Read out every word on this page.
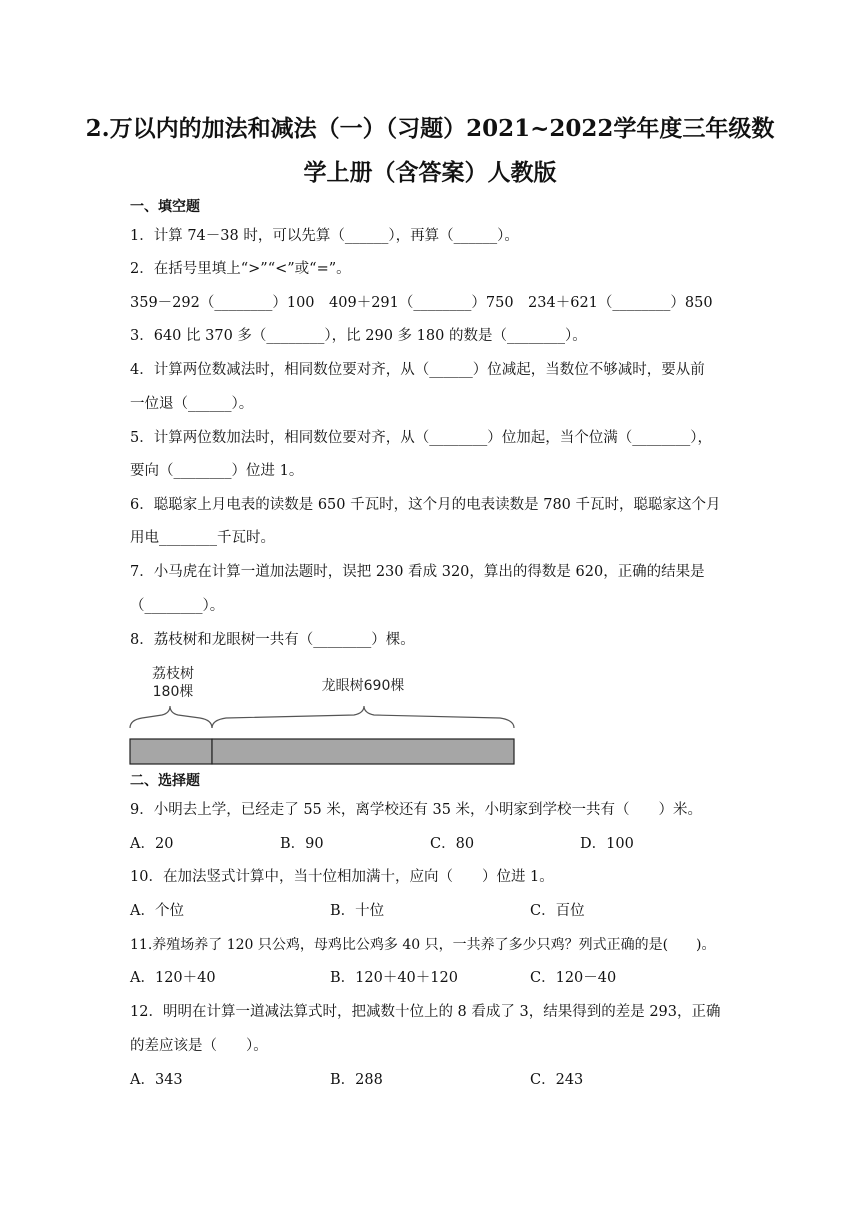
2.万以内的加法和减法（一）（习题）2021~2022学年度三年级数
学上册（含答案）人教版
一、填空题
1．计算 74－38 时，可以先算（______），再算（______）。
2．在括号里填上“>”“<”或“=”。
359－292（________）100　409＋291（________）750　234＋621（________）850
3．640 比 370 多（________），比 290 多 180 的数是（________）。
4．计算两位数减法时，相同数位要对齐，从（______）位减起，当数位不够减时，要从前
一位退（______）。
5．计算两位数加法时，相同数位要对齐，从（________）位加起，当个位满（________），
要向（________）位进 1。
6．聪聪家上月电表的读数是 650 千瓦时，这个月的电表读数是 780 千瓦时，聪聪家这个月
用电________千瓦时。
7．小马虎在计算一道加法题时，误把 230 看成 320，算出的得数是 620，正确的结果是
（________）。
8．荔枝树和龙眼树一共有（________）棵。
荔枝树
180棵	龙眼树690棵
二、选择题
9．小明去上学，已经走了 55 米，离学校还有 35 米，小明家到学校一共有（　　）米。
A．20	B．90	C．80	D．100
10．在加法竖式计算中，当十位相加满十，应向（　　）位进 1。
A．个位	B．十位	C．百位
11.养殖场养了 120 只公鸡，母鸡比公鸡多 40 只，一共养了多少只鸡？列式正确的是(　　)。
A．120＋40	B．120＋40＋120	C．120－40
12．明明在计算一道减法算式时，把减数十位上的 8 看成了 3，结果得到的差是 293，正确
的差应该是（　　）。
A．343	B．288	C．243
